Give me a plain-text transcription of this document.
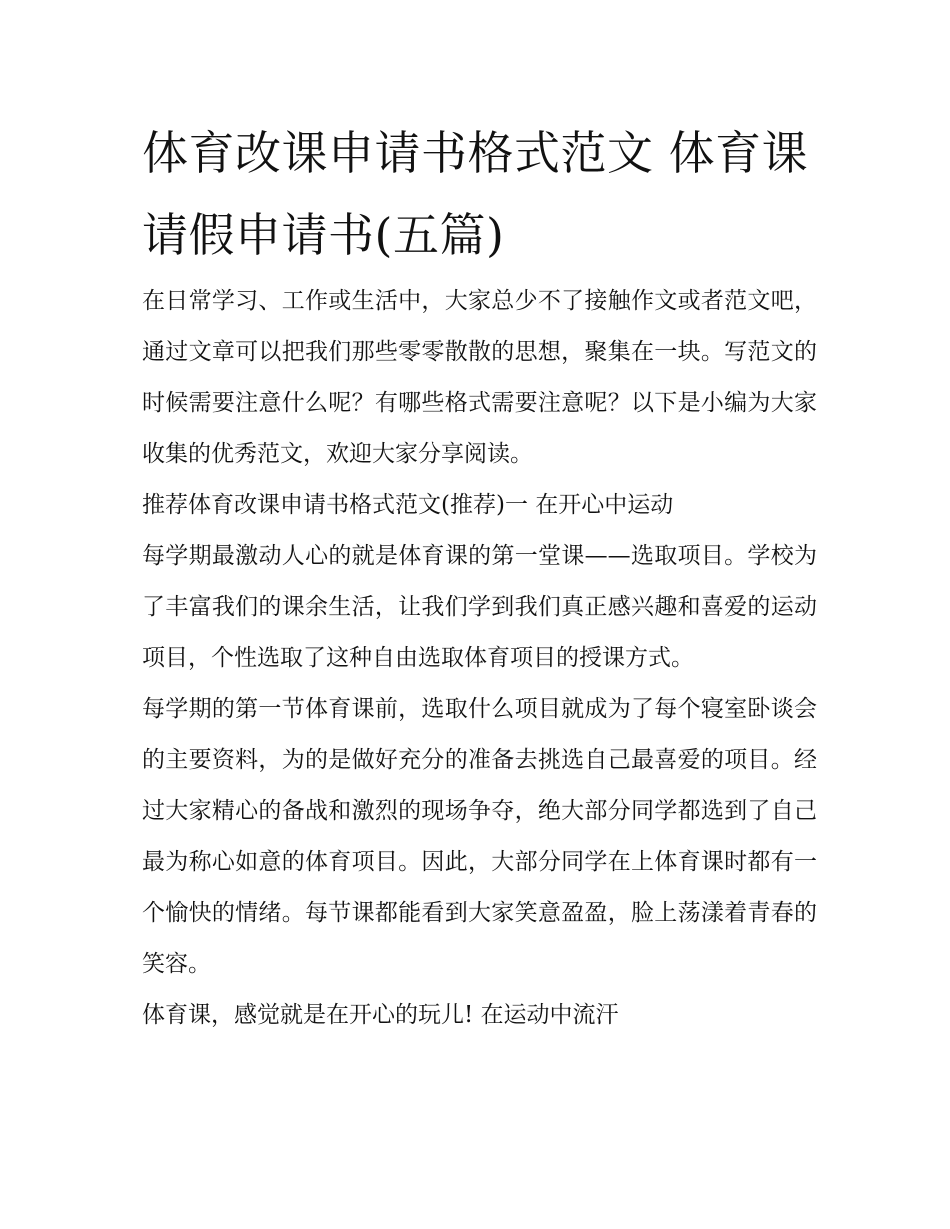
体育改课申请书格式范文 体育课请假申请书(五篇)

在日常学习、工作或生活中，大家总少不了接触作文或者范文吧，通过文章可以把我们那些零零散散的思想，聚集在一块。写范文的时候需要注意什么呢？有哪些格式需要注意呢？以下是小编为大家收集的优秀范文，欢迎大家分享阅读。

推荐体育改课申请书格式范文(推荐)一 在开心中运动

每学期最激动人心的就是体育课的第一堂课——选取项目。学校为了丰富我们的课余生活，让我们学到我们真正感兴趣和喜爱的运动项目，个性选取了这种自由选取体育项目的授课方式。

每学期的第一节体育课前，选取什么项目就成为了每个寝室卧谈会的主要资料，为的是做好充分的准备去挑选自己最喜爱的项目。经过大家精心的备战和激烈的现场争夺，绝大部分同学都选到了自己最为称心如意的体育项目。因此，大部分同学在上体育课时都有一个愉快的情绪。每节课都能看到大家笑意盈盈，脸上荡漾着青春的笑容。

体育课，感觉就是在开心的玩儿! 在运动中流汗
